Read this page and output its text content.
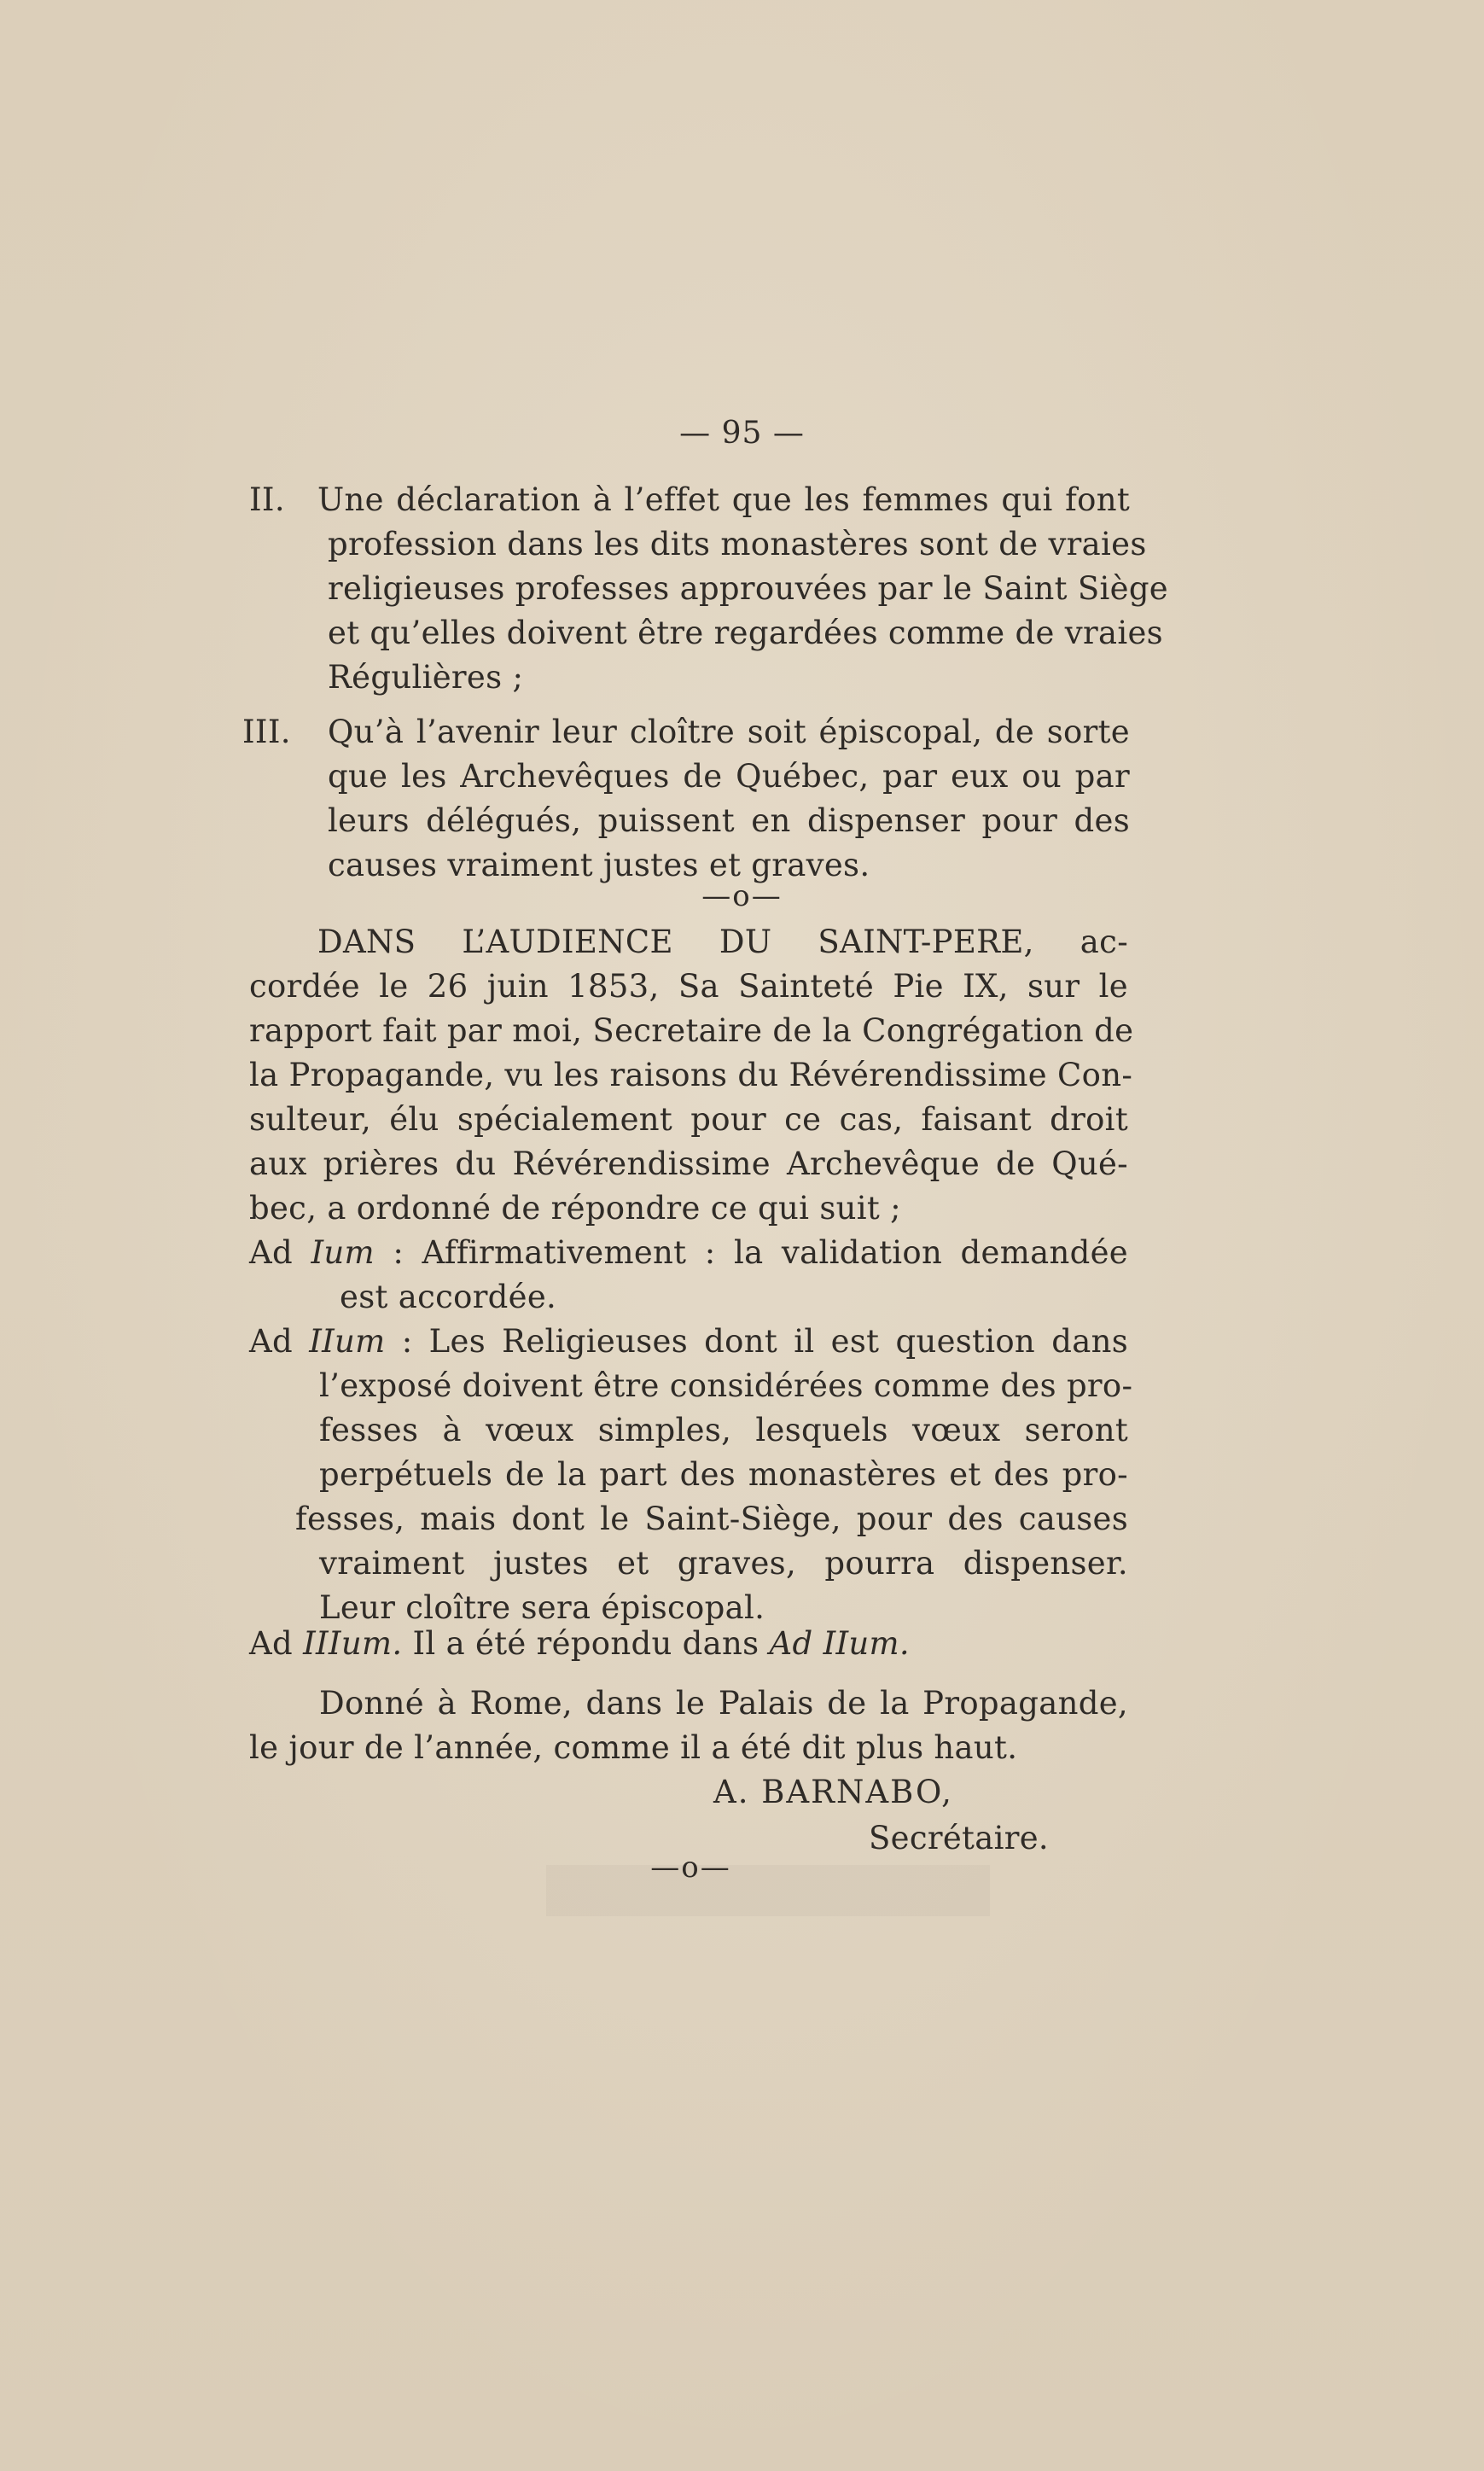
— 95 —
II. Une déclaration à l’effet que les femmes qui font
profession dans les dits monastères sont de vraies
religieuses professes approuvées par le Saint Siège
et qu’elles doivent être regardées comme de vraies
Régulières ;
III. Qu’à l’avenir leur cloître soit épiscopal, de sorte
que les Archevêques de Québec, par eux ou par
leurs délégués, puissent en dispenser pour des
causes vraiment justes et graves.
—o—
DANS L’AUDIENCE DU SAINT-PERE, ac-
cordée le 26 juin 1853, Sa Sainteté Pie IX, sur le
rapport fait par moi, Secretaire de la Congrégation de
la Propagande, vu les raisons du Révérendissime Con-
sulteur, élu spécialement pour ce cas, faisant droit
aux prières du Révérendissime Archevêque de Qué-
bec, a ordonné de répondre ce qui suit ;
Ad Ium : Affirmativement : la validation demandée
est accordée.
Ad IIum : Les Religieuses dont il est question dans
l’exposé doivent être considérées comme des pro-
fesses à vœux simples, lesquels vœux seront
perpétuels de la part des monastères et des pro-
fesses, mais dont le Saint-Siège, pour des causes
vraiment justes et graves, pourra dispenser.
Leur cloître sera épiscopal.
Ad IIIum. Il a été répondu dans Ad IIum.
Donné à Rome, dans le Palais de la Propagande,
le jour de l’année, comme il a été dit plus haut.
A. BARNABO,
Secrétaire.
—o—
